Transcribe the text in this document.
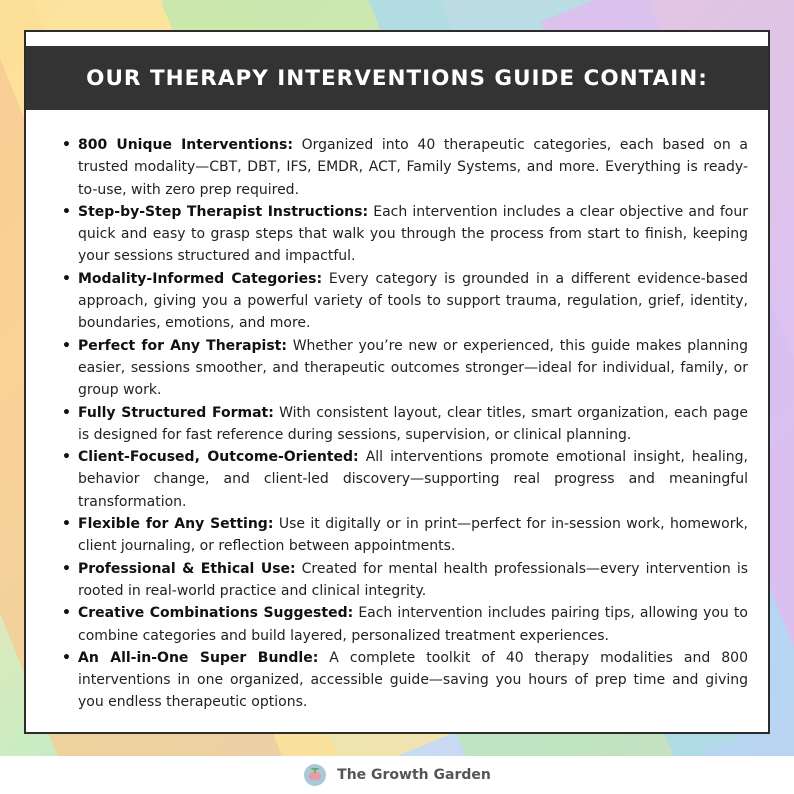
OUR THERAPY INTERVENTIONS GUIDE CONTAIN:
• 800 Unique Interventions: Organized into 40 therapeutic categories, each based on a trusted modality—CBT, DBT, IFS, EMDR, ACT, Family Systems, and more. Everything is ready-to-use, with zero prep required.
• Step-by-Step Therapist Instructions: Each intervention includes a clear objective and four quick and easy to grasp steps that walk you through the process from start to finish, keeping your sessions structured and impactful.
• Modality-Informed Categories: Every category is grounded in a different evidence-based approach, giving you a powerful variety of tools to support trauma, regulation, grief, identity, boundaries, emotions, and more.
• Perfect for Any Therapist: Whether you’re new or experienced, this guide makes planning easier, sessions smoother, and therapeutic outcomes stronger—ideal for individual, family, or group work.
• Fully Structured Format: With consistent layout, clear titles, smart organization, each page is designed for fast reference during sessions, supervision, or clinical planning.
• Client-Focused, Outcome-Oriented: All interventions promote emotional insight, healing, behavior change, and client-led discovery—supporting real progress and meaningful transformation.
• Flexible for Any Setting: Use it digitally or in print—perfect for in-session work, homework, client journaling, or reflection between appointments.
• Professional & Ethical Use: Created for mental health professionals—every intervention is rooted in real-world practice and clinical integrity.
• Creative Combinations Suggested: Each intervention includes pairing tips, allowing you to combine categories and build layered, personalized treatment experiences.
• An All-in-One Super Bundle: A complete toolkit of 40 therapy modalities and 800 interventions in one organized, accessible guide—saving you hours of prep time and giving you endless therapeutic options.
The Growth Garden
